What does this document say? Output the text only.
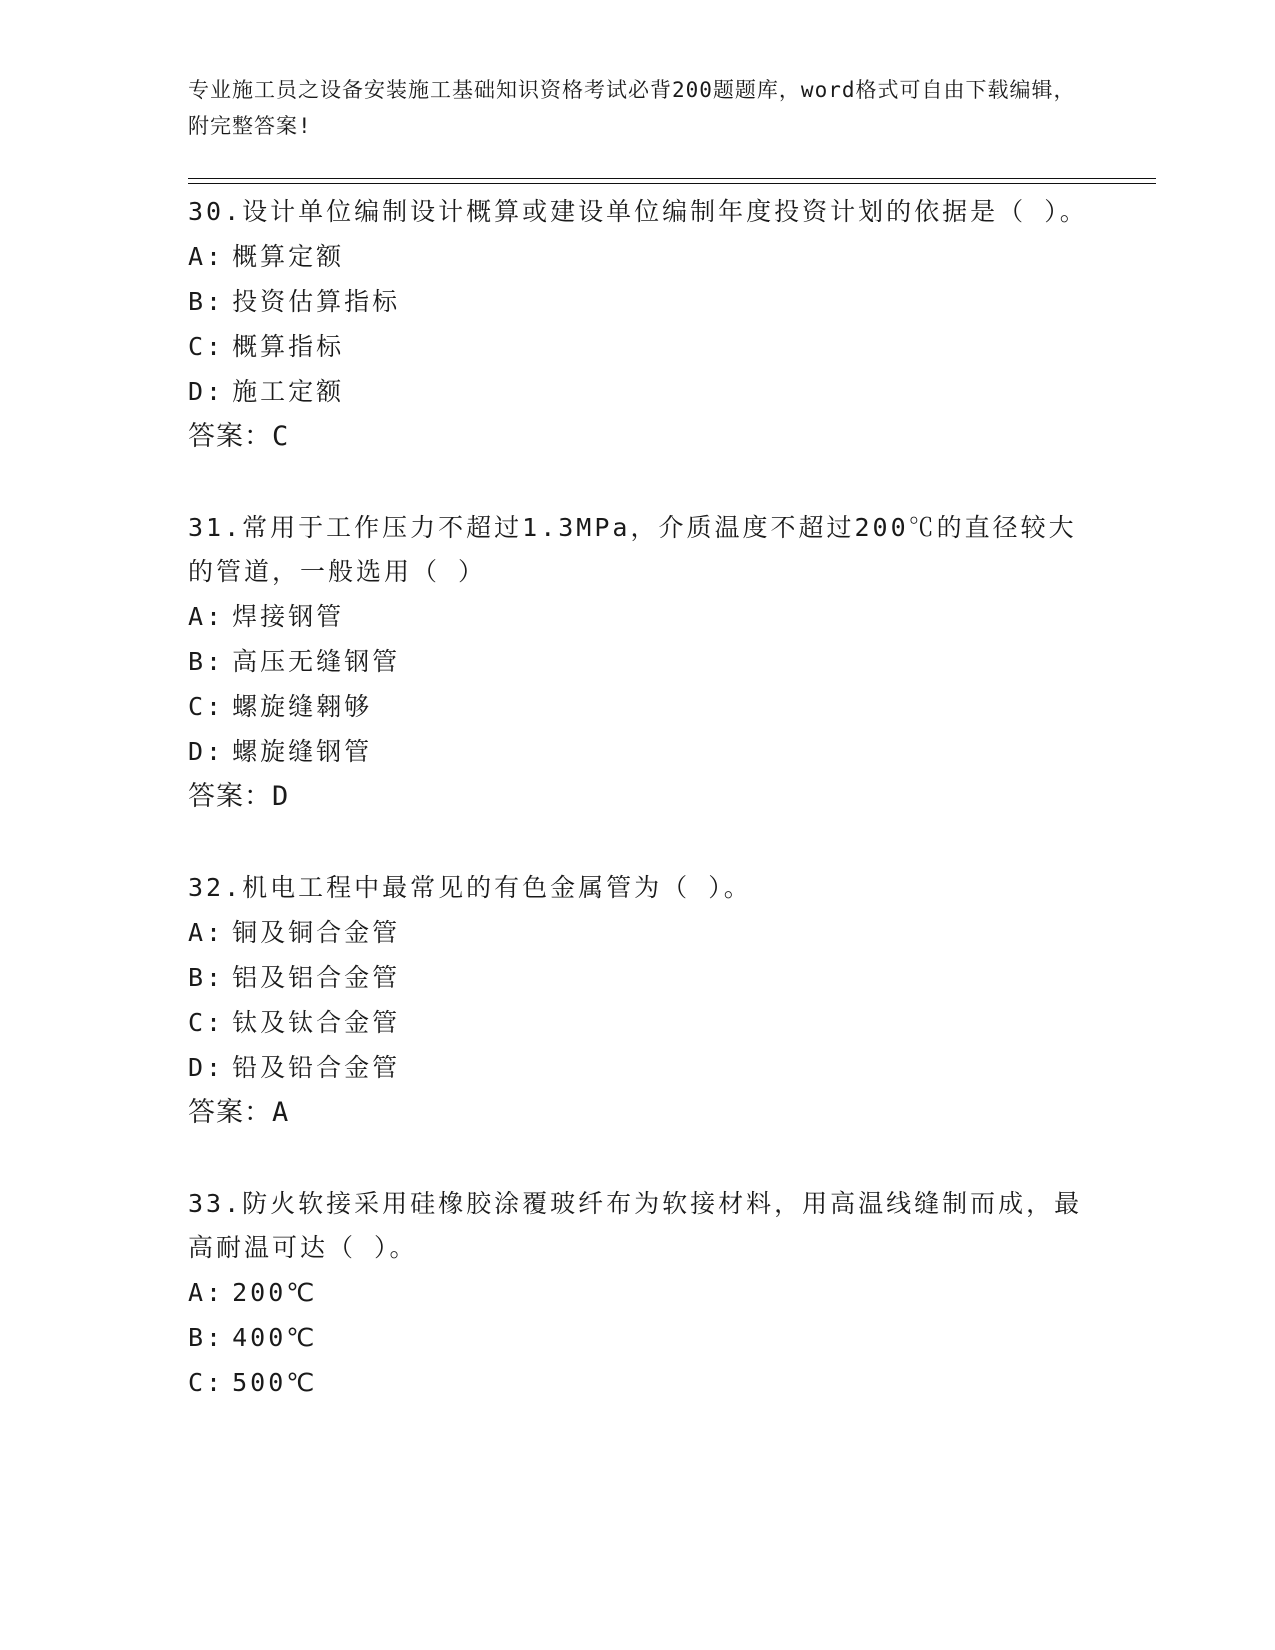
专业施工员之设备安装施工基础知识资格考试必背200题题库，word格式可自由下载编辑，附完整答案!

30.设计单位编制设计概算或建设单位编制年度投资计划的依据是（ ）。

A: 概算定额
B: 投资估算指标
C: 概算指标
D: 施工定额

答案：C

31.常用于工作压力不超过1.3MPa，介质温度不超过200℃的直径较大的管道，一般选用（ ）

A: 焊接钢管
B: 高压无缝钢管
C: 螺旋缝翱够
D: 螺旋缝钢管

答案：D

32.机电工程中最常见的有色金属管为（ ）。

A: 铜及铜合金管
B: 铝及铝合金管
C: 钛及钛合金管
D: 铅及铅合金管

答案：A

33.防火软接采用硅橡胶涂覆玻纤布为软接材料，用高温线缝制而成，最高耐温可达（ ）。

A: 200℃
B: 400℃
C: 500℃
